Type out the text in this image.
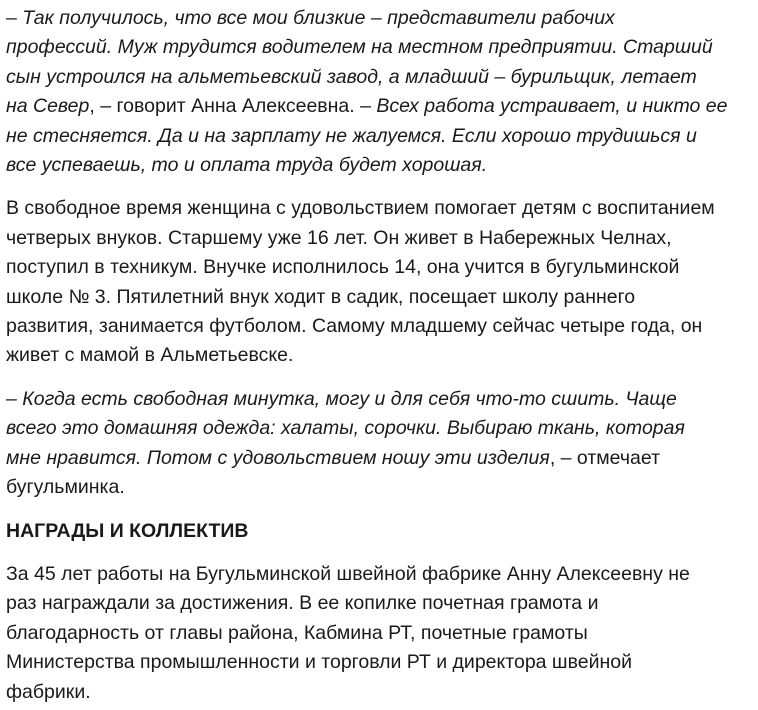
– Так получилось, что все мои близкие – представители рабочих
профессий. Муж трудится водителем на местном предприятии. Старший
сын устроился на альметьевский завод, а младший – бурильщик, летает
на Север, – говорит Анна Алексеевна. – Всех работа устраивает, и никто ее
не стесняется. Да и на зарплату не жалуемся. Если хорошо трудишься и
все успеваешь, то и оплата труда будет хорошая.

В свободное время женщина с удовольствием помогает детям с воспитанием
четверых внуков. Старшему уже 16 лет. Он живет в Набережных Челнах,
поступил в техникум. Внучке исполнилось 14, она учится в бугульминской
школе № 3. Пятилетний внук ходит в садик, посещает школу раннего
развития, занимается футболом. Самому младшему сейчас четыре года, он
живет с мамой в Альметьевске.

– Когда есть свободная минутка, могу и для себя что-то сшить. Чаще
всего это домашняя одежда: халаты, сорочки. Выбираю ткань, которая
мне нравится. Потом с удовольствием ношу эти изделия, – отмечает
бугульминка.

НАГРАДЫ И КОЛЛЕКТИВ

За 45 лет работы на Бугульминской швейной фабрике Анну Алексеевну не
раз награждали за достижения. В ее копилке почетная грамота и
благодарность от главы района, Кабмина РТ, почетные грамоты
Министерства промышленности и торговли РТ и директора швейной
фабрики.
